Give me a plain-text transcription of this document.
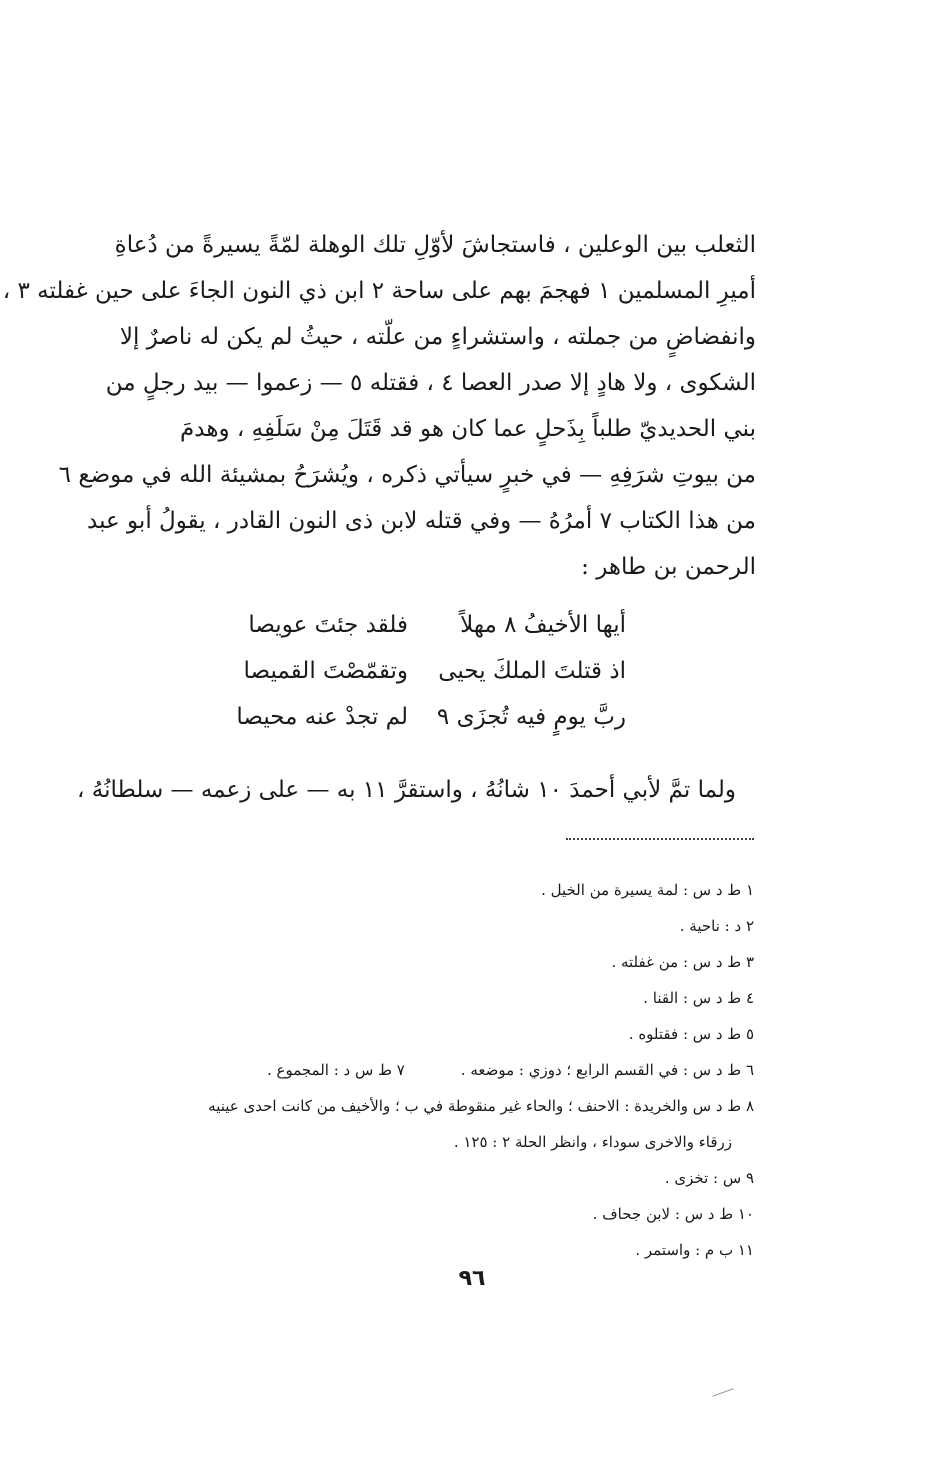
الثعلب بين الوعلين ، فاستجاشَ لأوّلِ تلك الوهلة لمّةً يسيرةً من دُعاةِ
أميرِ المسلمين ١ فهجمَ بهم على ساحة ٢ ابن ذي النون الجاءَ على حين غفلته ٣ ،
وانفضاضٍ من جملته ، واستشراءٍ من علّته ، حيثُ لم يكن له ناصرٌ إلا
الشكوى ، ولا هادٍ إلا صدر العصا ٤ ، فقتله ٥ — زعموا — بيد رجلٍ من
بني الحديديّ طلباً بِذَحلٍ عما كان هو قد قَتَلَ مِنْ سَلَفِهِ ، وهدمَ
من بيوتِ شرَفِهِ — في خبرٍ سيأتي ذكره ، ويُشرَحُ بمشيئة الله في موضع ٦
من هذا الكتاب ٧ أمرُهُ — وفي قتله لابن ذى النون القادر ، يقولُ أبو عبد
الرحمن بن طاهر :
أيها الأخيفُ ٨ مهلاً
فلقد جئتَ عويصا
اذ قتلتَ الملكَ يحيى
وتقمّصْتَ القميصا
ربَّ يومٍ فيه تُجزَى ٩
لم تجدْ عنه محيصا
ولما تمَّ لأبي أحمدَ ١٠ شانُهُ ، واستقرَّ ١١ به — على زعمه — سلطانُهُ ،
١ ط د س : لمة يسيرة من الخيل .
٢ د : ناحية .
٣ ط د س : من غفلته .
٤ ط د س : القنا .
٥ ط د س : فقتلوه .
٦ ط د س : في القسم الرابع ؛ دوزي : موضعه .
٧ ط س د : المجموع .
٨ ط د س والخريدة : الاحنف ؛ والحاء غير منقوطة في ب ؛ والأخيف من كانت احدى عينيه
زرقاء والاخرى سوداء ، وانظر الحلة ٢ : ١٢٥ .
٩ س : تخزى .
١٠ ط د س : لابن جحاف .
١١ ب م : واستمر .
٩٦
